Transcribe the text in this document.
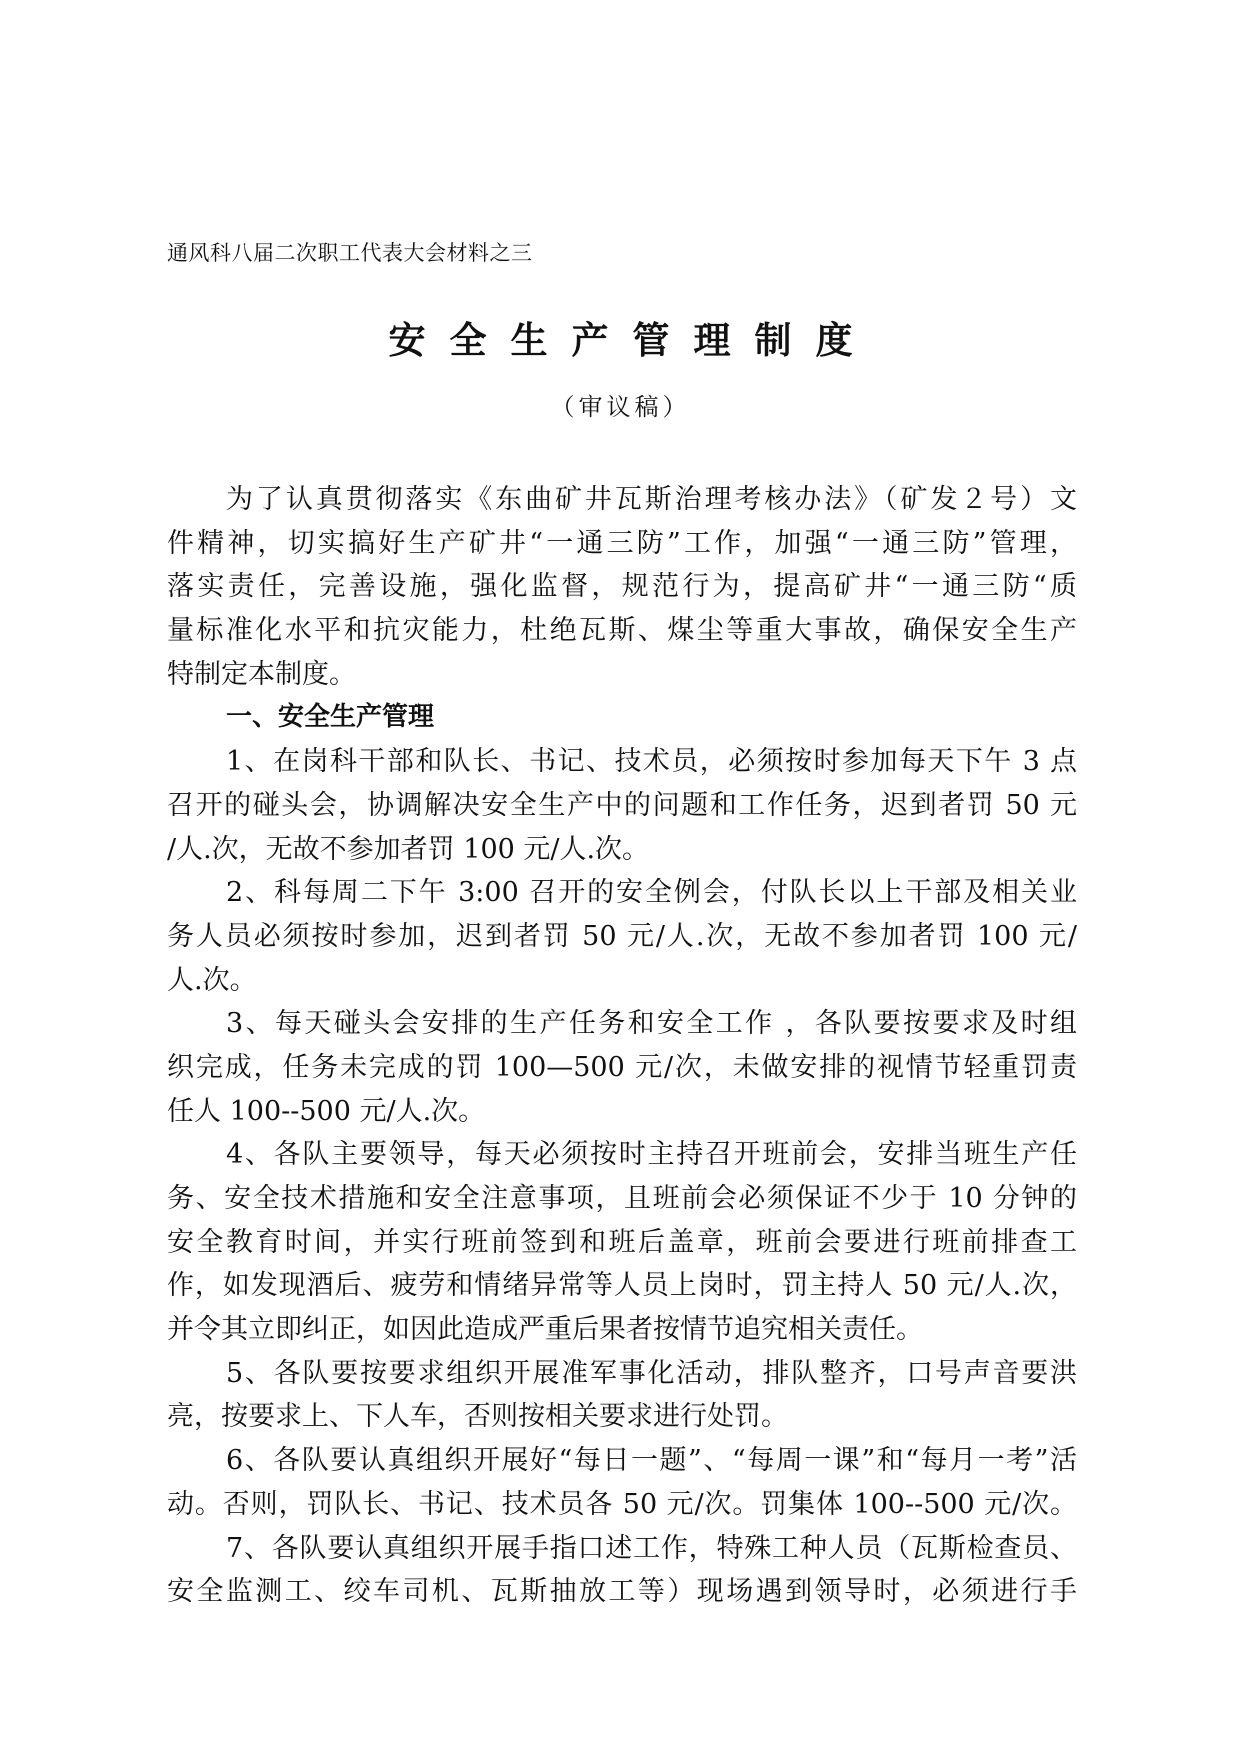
通风科八届二次职工代表大会材料之三
安全生产管理制度
（审议稿）
为了认真贯彻落实《东曲矿井瓦斯治理考核办法》（矿发２号）文
件精神，切实搞好生产矿井“一通三防”工作，加强“一通三防”管理，
落实责任，完善设施，强化监督，规范行为，提高矿井“一通三防“质
量标准化水平和抗灾能力，杜绝瓦斯、煤尘等重大事故，确保安全生产
特制定本制度。
一、安全生产管理
1、在岗科干部和队长、书记、技术员，必须按时参加每天下午 3 点
召开的碰头会，协调解决安全生产中的问题和工作任务，迟到者罚 50 元
/人.次，无故不参加者罚 100 元/人.次。
2、科每周二下午 3:00 召开的安全例会，付队长以上干部及相关业
务人员必须按时参加，迟到者罚 50 元/人.次，无故不参加者罚 100 元/
人.次。
3、每天碰头会安排的生产任务和安全工作 ，各队要按要求及时组
织完成，任务未完成的罚 100—500 元/次，未做安排的视情节轻重罚责
任人 100--500 元/人.次。
4、各队主要领导，每天必须按时主持召开班前会，安排当班生产任
务、安全技术措施和安全注意事项，且班前会必须保证不少于 10 分钟的
安全教育时间，并实行班前签到和班后盖章，班前会要进行班前排查工
作，如发现酒后、疲劳和情绪异常等人员上岗时，罚主持人 50 元/人.次，
并令其立即纠正，如因此造成严重后果者按情节追究相关责任。
5、各队要按要求组织开展准军事化活动，排队整齐，口号声音要洪
亮，按要求上、下人车，否则按相关要求进行处罚。
6、各队要认真组织开展好“每日一题”、“每周一课”和“每月一考”活
动。否则，罚队长、书记、技术员各 50 元/次。罚集体 100--500 元/次。
7、各队要认真组织开展手指口述工作，特殊工种人员（瓦斯检查员、
安全监测工、绞车司机、瓦斯抽放工等）现场遇到领导时，必须进行手
